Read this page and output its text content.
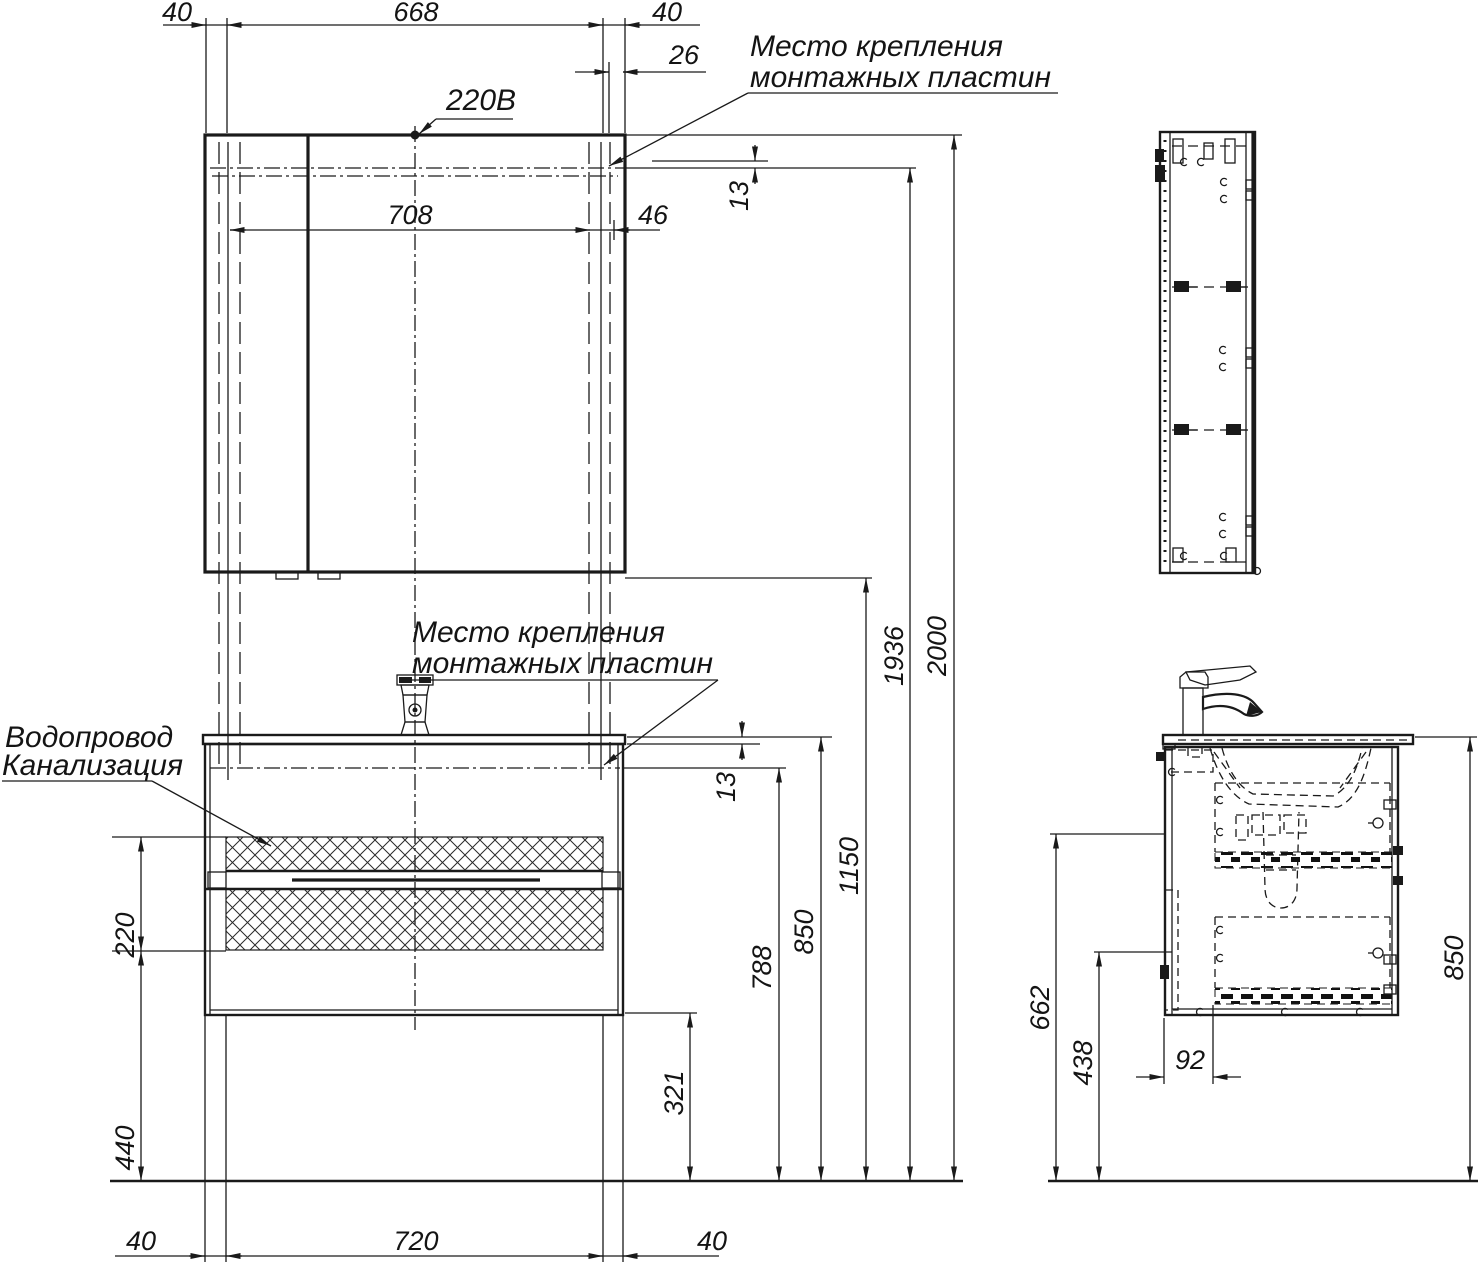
40	668	40
26
708	46
13
13
788
850
1150
1936 2000
220
440
321
40	720	40
220В
Место крепления
монтажных пластин
Место крепления
монтажных пластин
Водопровод
Канализация
662
438	92
850
